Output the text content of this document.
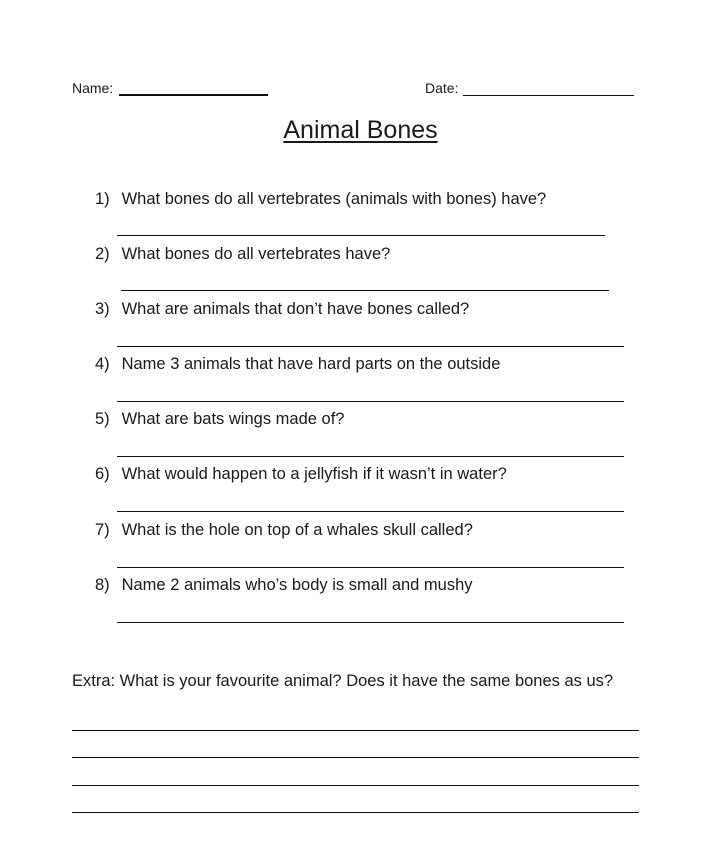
Name:	Date:
Animal Bones
1) What bones do all vertebrates (animals with bones) have?
2) What bones do all vertebrates have?
3) What are animals that don’t have bones called?
4) Name 3 animals that have hard parts on the outside
5) What are bats wings made of?
6) What would happen to a jellyfish if it wasn’t in water?
7) What is the hole on top of a whales skull called?
8) Name 2 animals who’s body is small and mushy
Extra: What is your favourite animal? Does it have the same bones as us?
